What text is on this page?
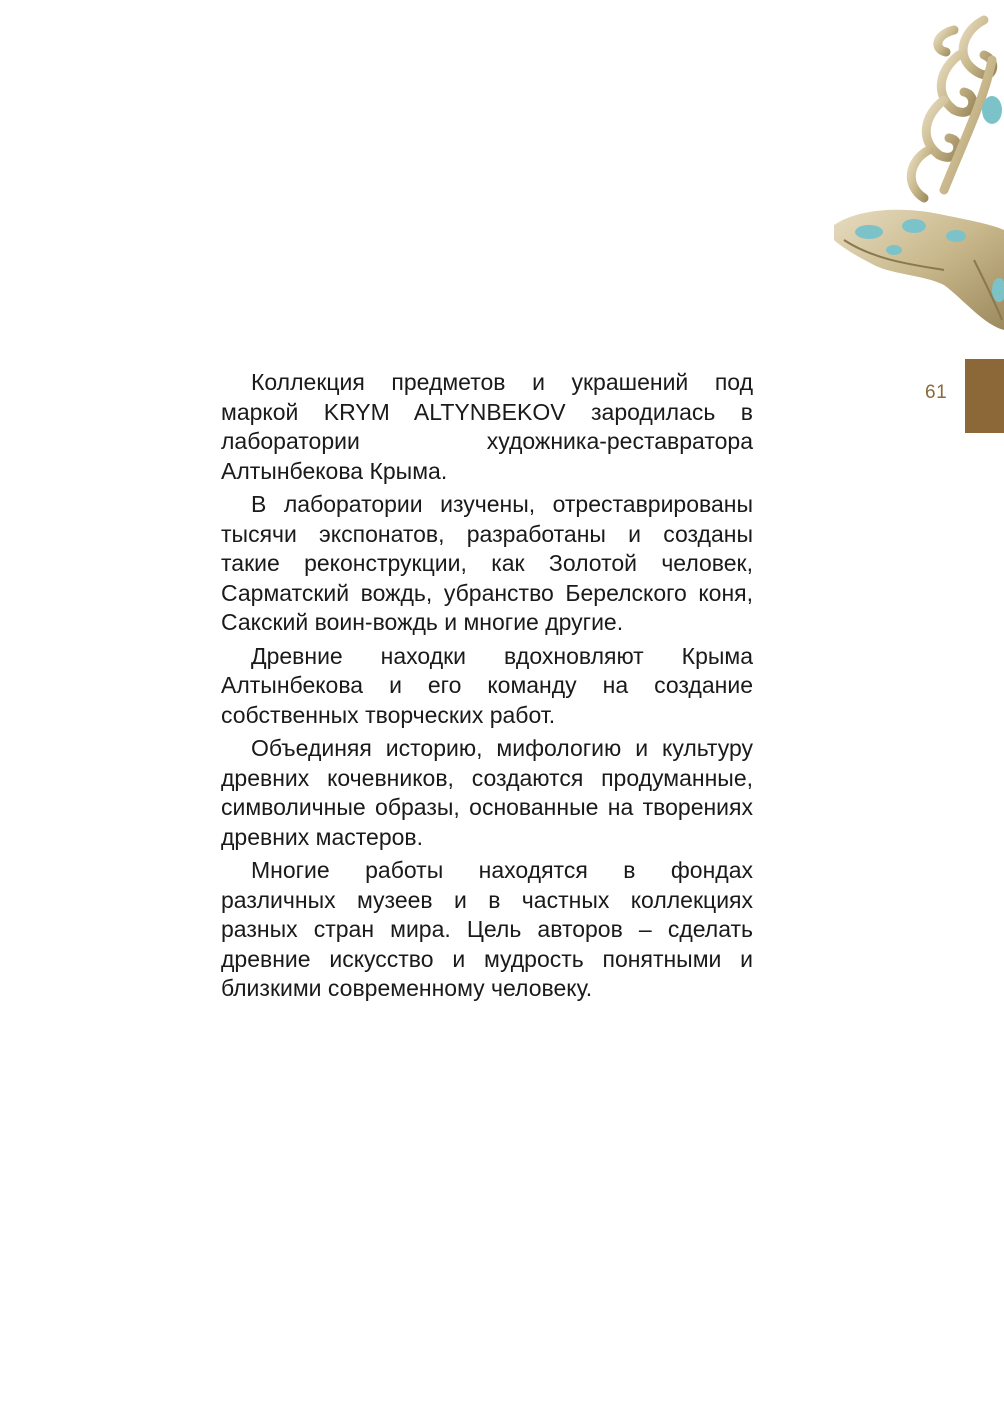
61

Коллекция предметов и украшений под маркой KRYM ALTYNBEKOV зародилась в лаборатории художника-реставратора Алтынбекова Крыма.

В лаборатории изучены, отреставрированы тысячи экспонатов, разработаны и созданы такие реконструкции, как Золотой человек, Сарматский вождь, убранство Берелского коня, Сакский воин-вождь и многие другие.

Древние находки вдохновляют Крыма Алтынбекова и его команду на создание собственных творческих работ.

Объединяя историю, мифологию и культуру древних кочевников, создаются продуманные, символичные образы, основанные на творениях древних мастеров.

Многие работы находятся в фондах различных музеев и в частных коллекциях разных стран мира. Цель авторов – сделать древние искусство и мудрость понятными и близкими современному человеку.
